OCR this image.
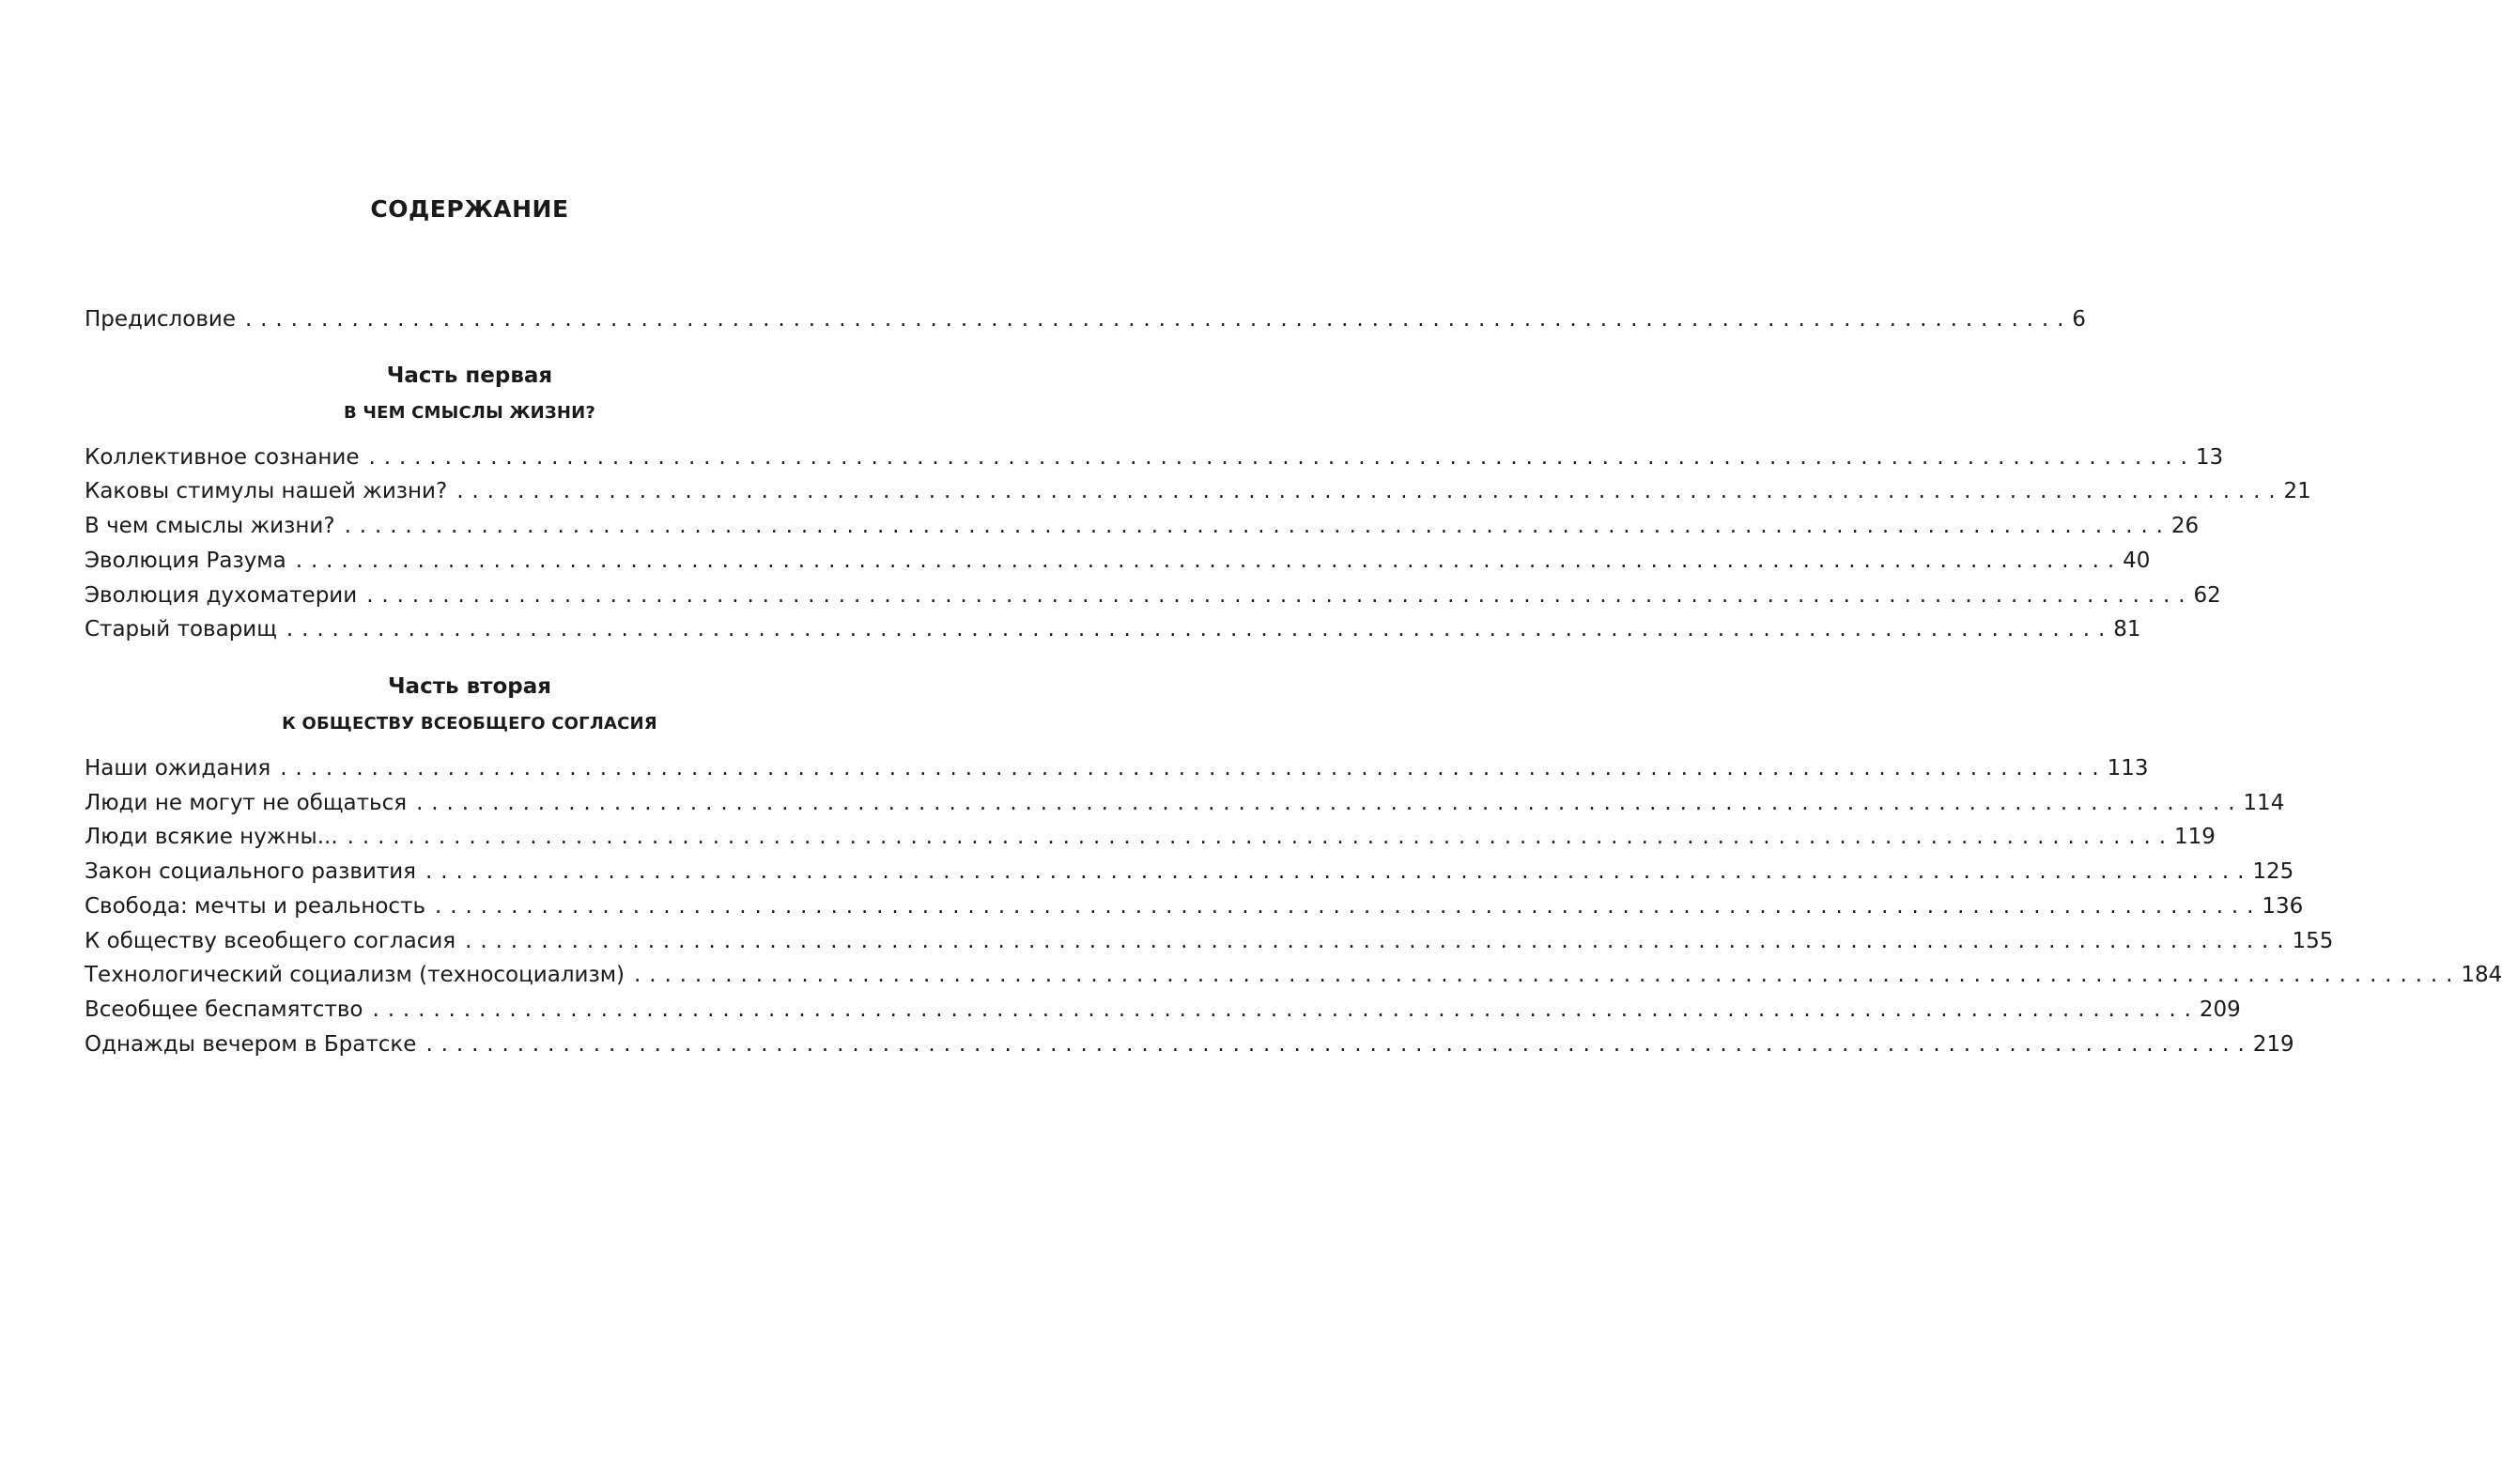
СОДЕРЖАНИЕ
Предисловие ........................................................................................................................ 6
Коллективное сознание ........................................................................................................................ 13
Каковы стимулы нашей жизни? ........................................................................................................................ 21
В чем смыслы жизни? ........................................................................................................................ 26
Эволюция Разума ........................................................................................................................ 40
Эволюция духоматерии ........................................................................................................................ 62
Старый товарищ ........................................................................................................................ 81
Наши ожидания ........................................................................................................................ 113
Люди не могут не общаться ........................................................................................................................ 114
Люди всякие нужны... ........................................................................................................................ 119
Закон социального развития ........................................................................................................................ 125
Свобода: мечты и реальность ........................................................................................................................ 136
К обществу всеобщего согласия ........................................................................................................................ 155
Технологический социализм (техносоциализм) ........................................................................................................................ 184
Всеобщее беспамятство ........................................................................................................................ 209
Однажды вечером в Братске ........................................................................................................................ 219
Часть первая
В ЧЕМ СМЫСЛЫ ЖИЗНИ?
Часть вторая
К ОБЩЕСТВУ ВСЕОБЩЕГО СОГЛАСИЯ
